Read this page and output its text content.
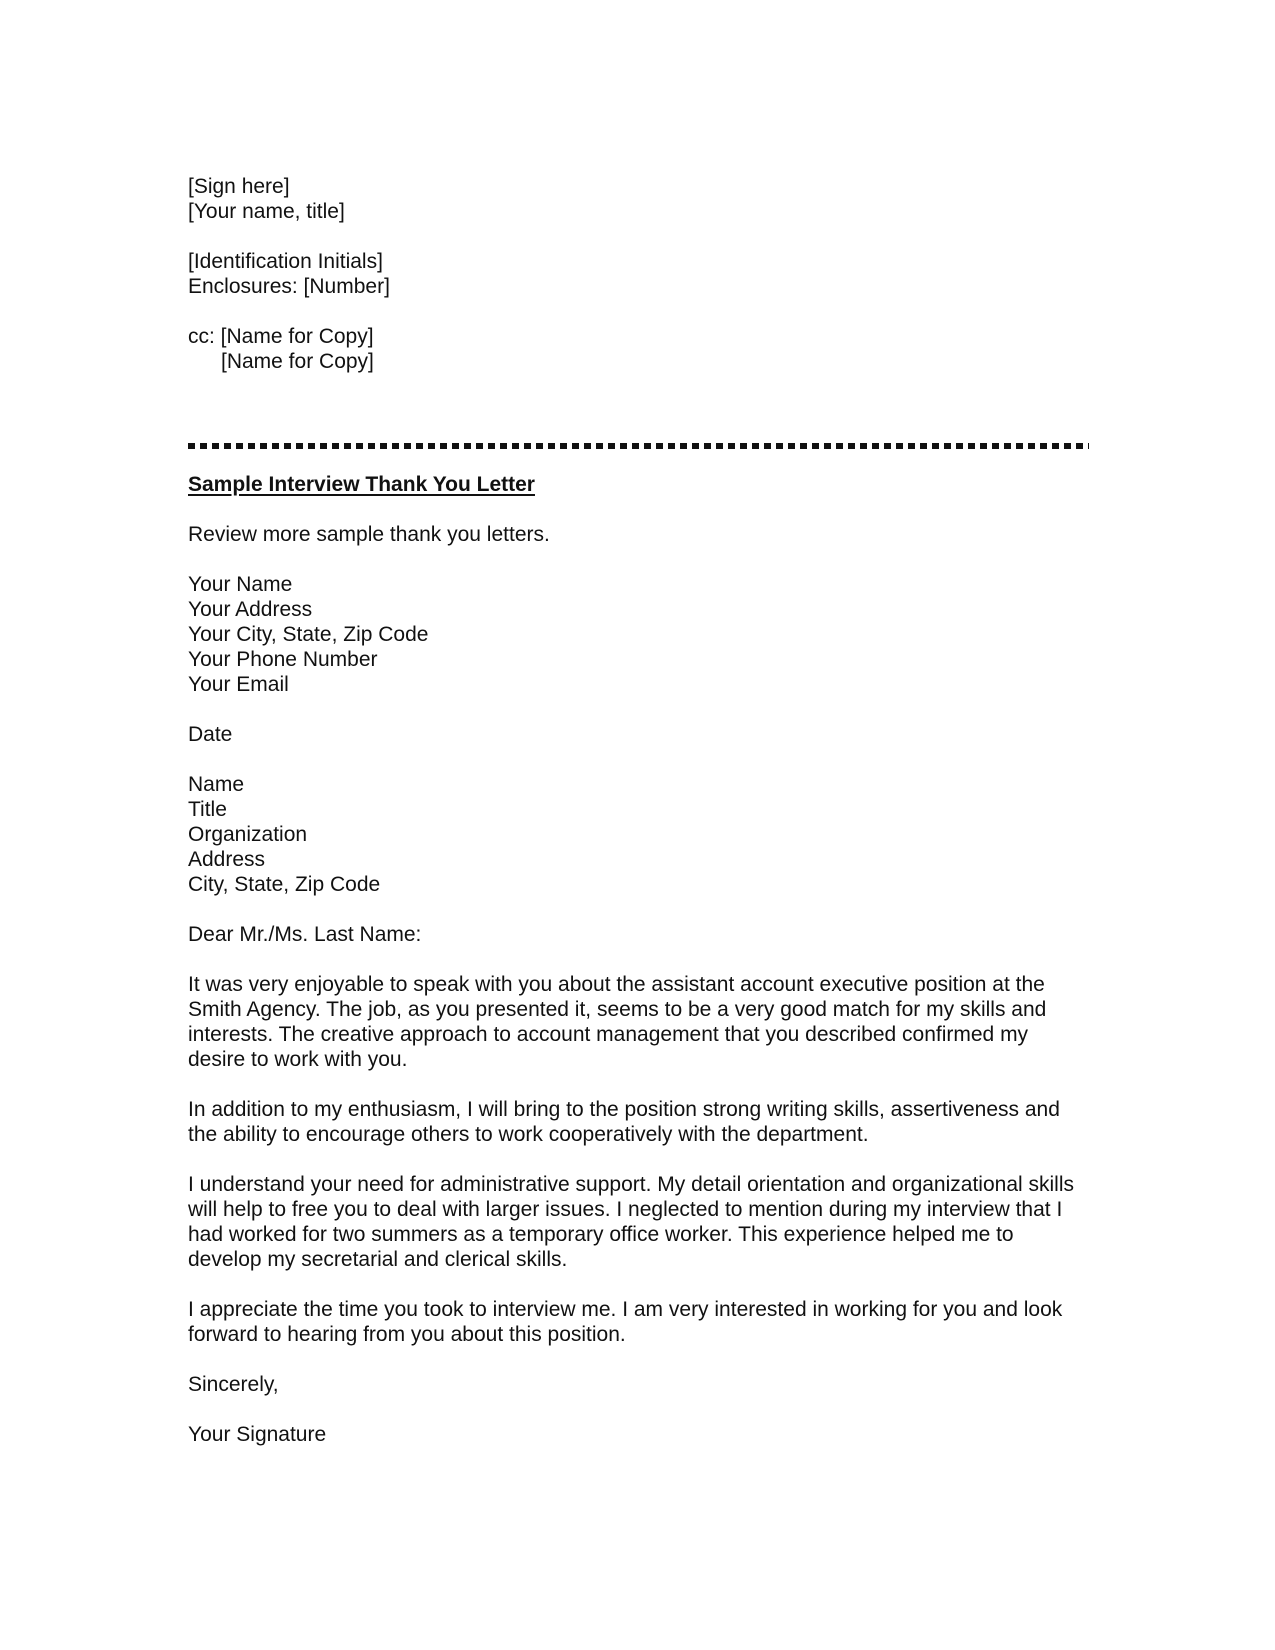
[Sign here]
[Your name, title]
[Identification Initials]
Enclosures: [Number]
cc: [Name for Copy]
[Name for Copy]
Sample Interview Thank You Letter
Review more sample thank you letters.
Your Name
Your Address
Your City, State, Zip Code
Your Phone Number
Your Email
Date
Name
Title
Organization
Address
City, State, Zip Code
Dear Mr./Ms. Last Name:
It was very enjoyable to speak with you about the assistant account executive position at the Smith Agency. The job, as you presented it, seems to be a very good match for my skills and interests. The creative approach to account management that you described confirmed my desire to work with you.
In addition to my enthusiasm, I will bring to the position strong writing skills, assertiveness and the ability to encourage others to work cooperatively with the department.
I understand your need for administrative support. My detail orientation and organizational skills will help to free you to deal with larger issues. I neglected to mention during my interview that I had worked for two summers as a temporary office worker. This experience helped me to develop my secretarial and clerical skills.
I appreciate the time you took to interview me. I am very interested in working for you and look forward to hearing from you about this position.
Sincerely,
Your Signature
